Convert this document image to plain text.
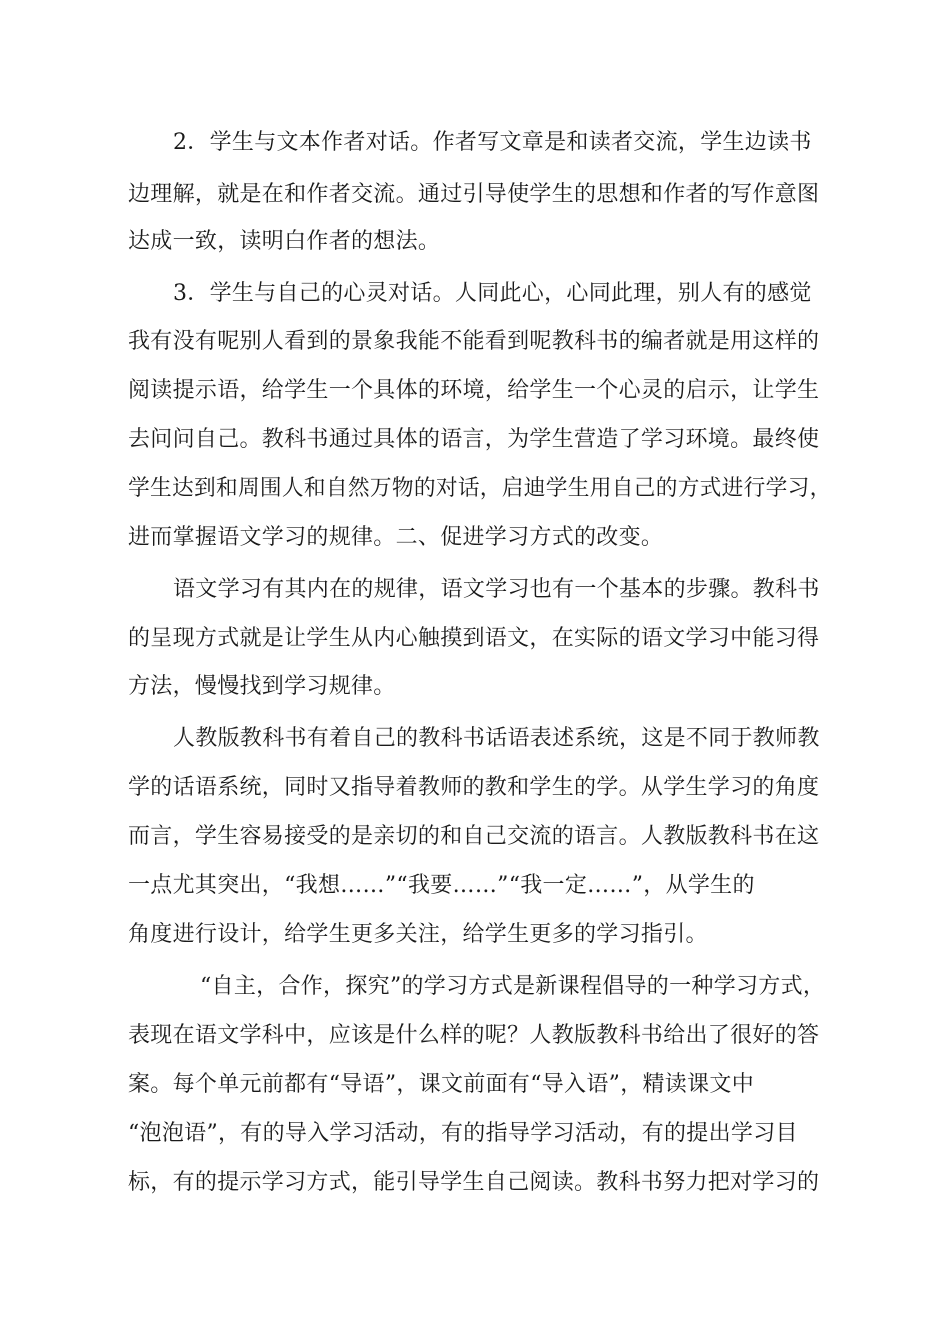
2．学生与文本作者对话。作者写文章是和读者交流，学生边读书
边理解，就是在和作者交流。通过引导使学生的思想和作者的写作意图
达成一致，读明白作者的想法。
3．学生与自己的心灵对话。人同此心，心同此理，别人有的感觉
我有没有呢别人看到的景象我能不能看到呢教科书的编者就是用这样的
阅读提示语，给学生一个具体的环境，给学生一个心灵的启示，让学生
去问问自己。教科书通过具体的语言，为学生营造了学习环境。最终使
学生达到和周围人和自然万物的对话，启迪学生用自己的方式进行学习，
进而掌握语文学习的规律。二、促进学习方式的改变。
语文学习有其内在的规律，语文学习也有一个基本的步骤。教科书
的呈现方式就是让学生从内心触摸到语文，在实际的语文学习中能习得
方法，慢慢找到学习规律。
人教版教科书有着自己的教科书话语表述系统，这是不同于教师教
学的话语系统，同时又指导着教师的教和学生的学。从学生学习的角度
而言，学生容易接受的是亲切的和自己交流的语言。人教版教科书在这
一点尤其突出，“我想……”“我要……”“我一定……”，从学生的
角度进行设计，给学生更多关注，给学生更多的学习指引。
“自主，合作，探究”的学习方式是新课程倡导的一种学习方式，
表现在语文学科中，应该是什么样的呢？人教版教科书给出了很好的答
案。每个单元前都有“导语”，课文前面有“导入语”，精读课文中
“泡泡语”，有的导入学习活动，有的指导学习活动，有的提出学习目
标，有的提示学习方式，能引导学生自己阅读。教科书努力把对学习的
